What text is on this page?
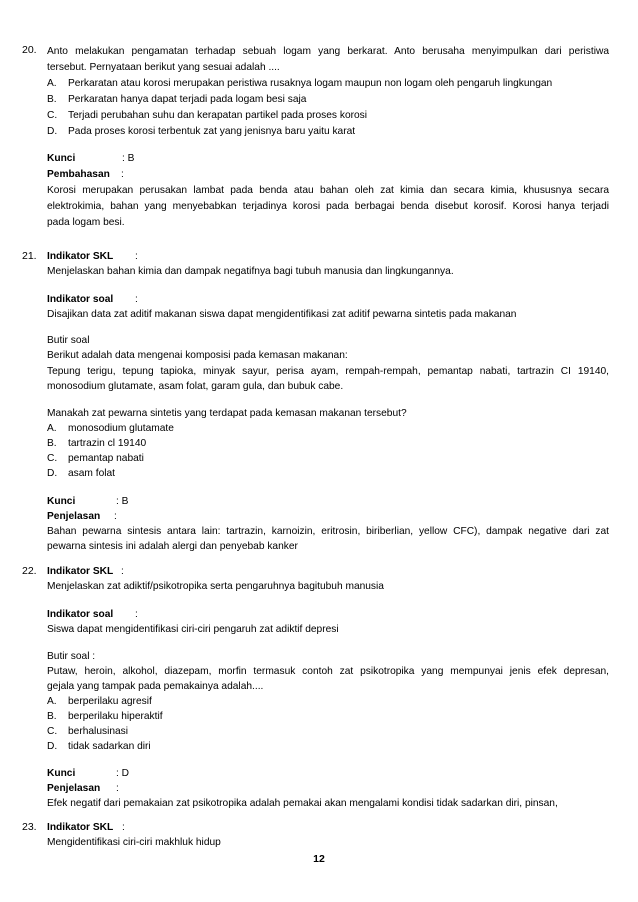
20. Anto melakukan pengamatan terhadap sebuah logam yang berkarat. Anto berusaha menyimpulkan dari peristiwa
tersebut. Pernyataan berikut yang sesuai adalah ....
A. Perkaratan atau korosi merupakan peristiwa rusaknya logam maupun non logam oleh pengaruh lingkungan
B. Perkaratan hanya dapat terjadi pada logam besi saja
C. Terjadi perubahan suhu dan kerapatan partikel pada proses korosi
D. Pada proses korosi terbentuk zat yang jenisnya baru yaitu karat
Kunci	: B
Pembahasan :
Korosi merupakan perusakan lambat pada benda atau bahan oleh zat kimia dan secara kimia, khususnya secara
elektrokimia, bahan yang menyebabkan terjadinya korosi pada berbagai benda disebut korosif. Korosi hanya terjadi
pada logam besi.
21. Indikator SKL :
Menjelaskan bahan kimia dan dampak negatifnya bagi tubuh manusia dan lingkungannya.
Indikator soal :
Disajikan data zat aditif makanan siswa dapat mengidentifikasi zat aditif pewarna sintetis pada makanan
Butir soal
Berikut adalah data mengenai komposisi pada kemasan makanan:
Tepung terigu, tepung tapioka, minyak sayur, perisa ayam, rempah-rempah, pemantap nabati, tartrazin CI 19140,
monosodium glutamate, asam folat, garam gula, dan bubuk cabe.
Manakah zat pewarna sintetis yang terdapat pada kemasan makanan tersebut?
A. monosodium glutamate
B. tartrazin cl 19140
C. pemantap nabati
D. asam folat
Kunci	: B
Penjelasan :
Bahan pewarna sintesis antara lain: tartrazin, karnoizin, eritrosin, biriberlian, yellow CFC), dampak negative dari zat
pewarna sintesis ini adalah alergi dan penyebab kanker
22. Indikator SKL :
Menjelaskan zat adiktif/psikotropika serta pengaruhnya bagitubuh manusia
Indikator soal :
Siswa dapat mengidentifikasi ciri-ciri pengaruh zat adiktif depresi
Butir soal :
Putaw, heroin, alkohol, diazepam, morfin termasuk contoh zat psikotropika yang mempunyai jenis efek depresan,
gejala yang tampak pada pemakainya adalah....
A. berperilaku agresif
B. berperilaku hiperaktif
C. berhalusinasi
D. tidak sadarkan diri
Kunci	: D
Penjelasan :
Efek negatif dari pemakaian zat psikotropika adalah pemakai akan mengalami kondisi tidak sadarkan diri, pinsan,
23. Indikator SKL :
Mengidentifikasi ciri-ciri makhluk hidup
12
